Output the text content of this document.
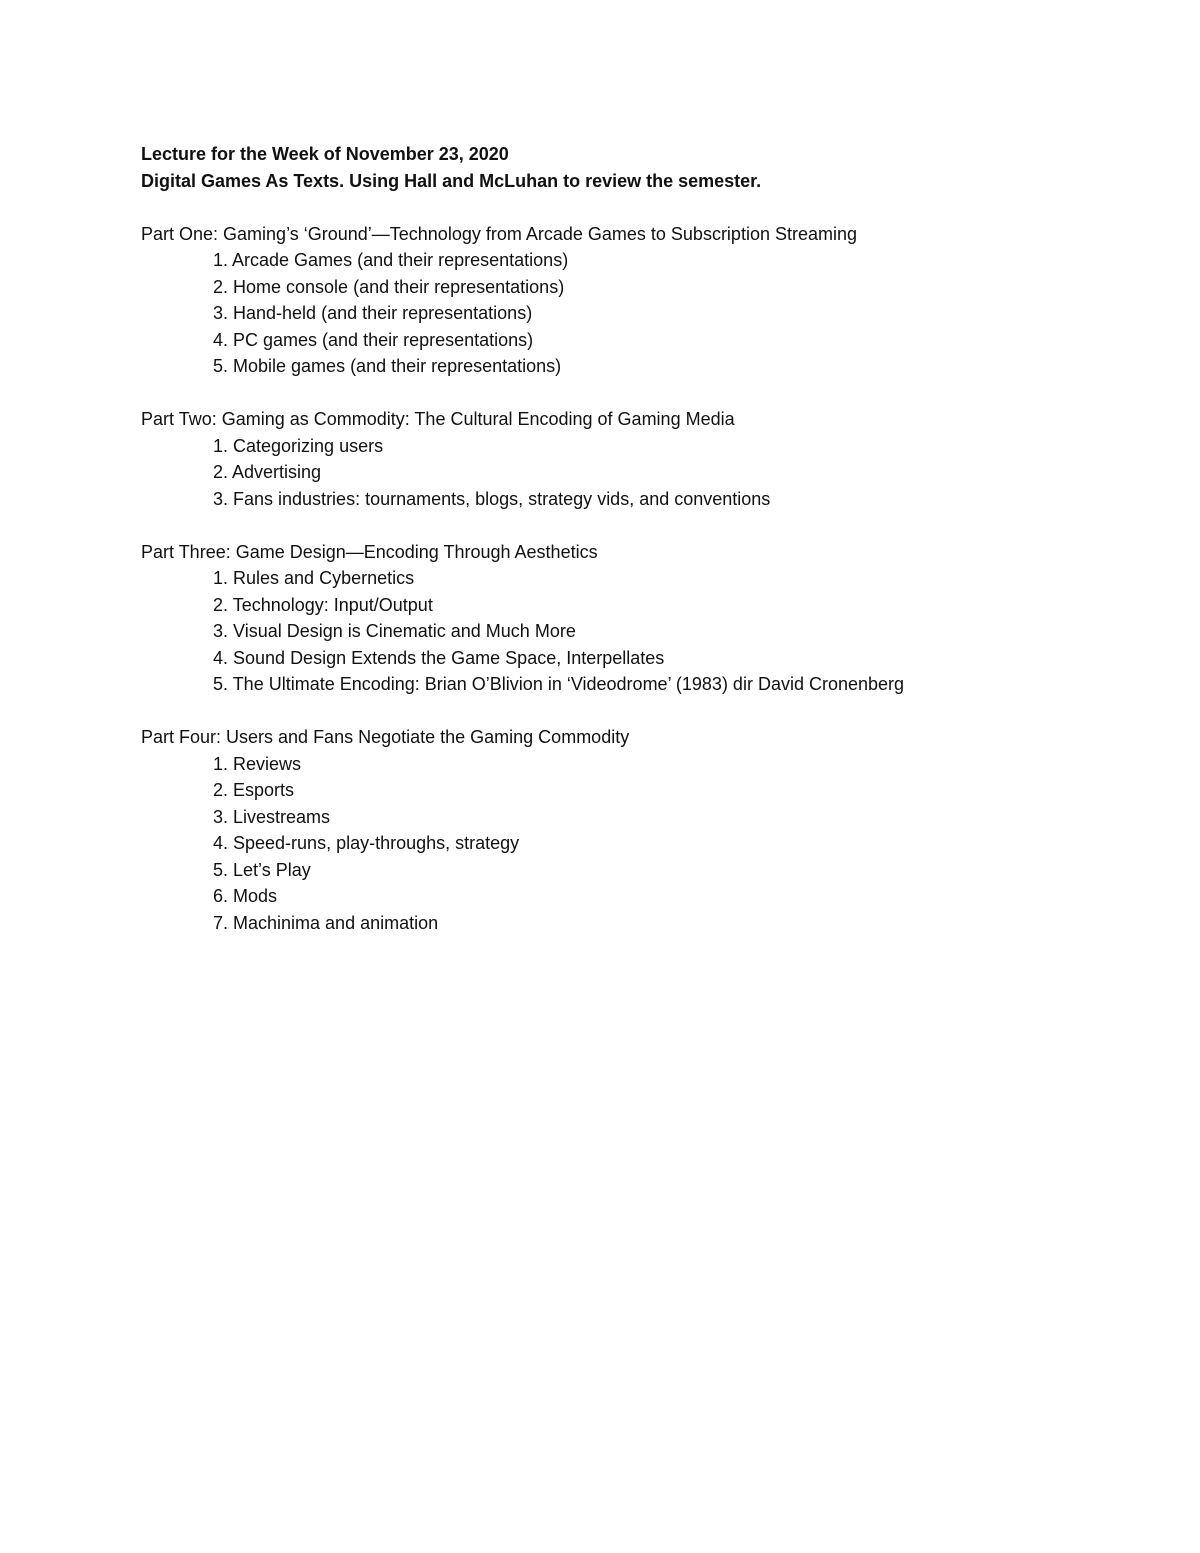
Lecture for the Week of November 23, 2020

Digital Games As Texts. Using Hall and McLuhan to review the semester.

Part One: Gaming’s ‘Ground’—Technology from Arcade Games to Subscription Streaming

1. Arcade Games (and their representations)
2. Home console (and their representations)
3. Hand-held (and their representations)
4. PC games (and their representations)
5. Mobile games (and their representations)

Part Two: Gaming as Commodity: The Cultural Encoding of Gaming Media

1. Categorizing users
2. Advertising
3. Fans industries: tournaments, blogs, strategy vids, and conventions

Part Three: Game Design—Encoding Through Aesthetics

1. Rules and Cybernetics
2. Technology: Input/Output
3. Visual Design is Cinematic and Much More
4. Sound Design Extends the Game Space, Interpellates
5. The Ultimate Encoding: Brian O’Blivion in ‘Videodrome’ (1983) dir David Cronenberg

Part Four: Users and Fans Negotiate the Gaming Commodity

1. Reviews
2. Esports
3. Livestreams
4. Speed-runs, play-throughs, strategy
5. Let’s Play
6. Mods
7. Machinima and animation
